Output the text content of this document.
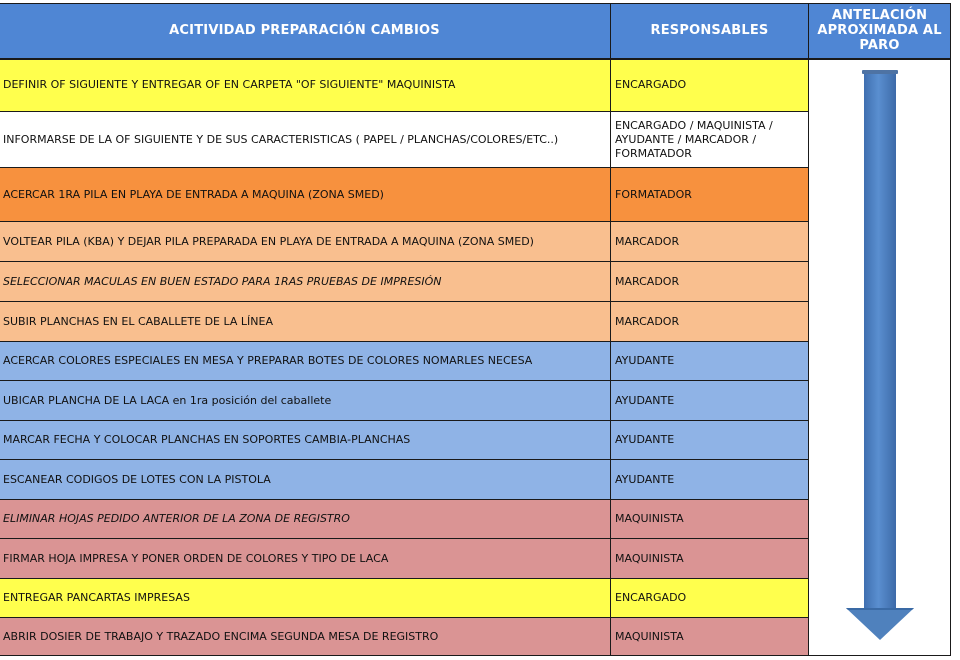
ACITIVIDAD PREPARACIÓN CAMBIOS	RESPONSABLES	ANTELACIÓN APROXIMADA AL PARO
DEFINIR OF SIGUIENTE Y ENTREGAR OF EN CARPETA "OF SIGUIENTE" MAQUINISTA	ENCARGADO	

INFORMARSE DE LA OF SIGUIENTE Y DE SUS CARACTERISTICAS ( PAPEL / PLANCHAS/COLORES/ETC..)	ENCARGADO / MAQUINISTA / AYUDANTE / MARCADOR / FORMATADOR	
ACERCAR 1RA PILA EN PLAYA DE ENTRADA A MAQUINA (ZONA SMED)	FORMATADOR	
VOLTEAR PILA (KBA) Y DEJAR PILA PREPARADA EN PLAYA DE ENTRADA A MAQUINA (ZONA SMED)	MARCADOR	
SELECCIONAR MACULAS EN BUEN ESTADO PARA 1RAS PRUEBAS DE IMPRESIÓN	MARCADOR	
SUBIR PLANCHAS EN EL CABALLETE DE LA LÍNEA	MARCADOR	
ACERCAR COLORES ESPECIALES EN MESA Y PREPARAR BOTES DE COLORES NOMARLES NECESA	AYUDANTE	
UBICAR PLANCHA DE LA LACA en 1ra posición del caballete	AYUDANTE	
MARCAR FECHA Y COLOCAR PLANCHAS EN SOPORTES CAMBIA-PLANCHAS	AYUDANTE	
ESCANEAR CODIGOS DE LOTES CON LA PISTOLA	AYUDANTE	
ELIMINAR HOJAS PEDIDO ANTERIOR DE LA ZONA DE REGISTRO	MAQUINISTA	
FIRMAR HOJA IMPRESA Y PONER ORDEN DE COLORES Y TIPO DE LACA	MAQUINISTA	
ENTREGAR PANCARTAS IMPRESAS	ENCARGADO	
ABRIR DOSIER DE TRABAJO Y TRAZADO ENCIMA SEGUNDA MESA DE REGISTRO	MAQUINISTA	
